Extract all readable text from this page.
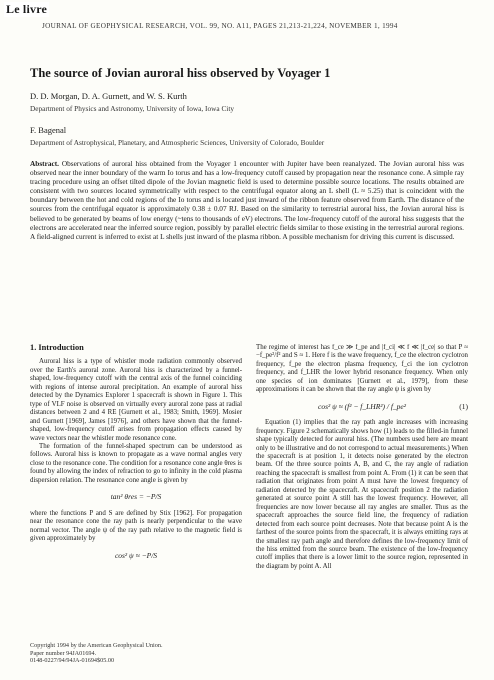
Le livre
JOURNAL OF GEOPHYSICAL RESEARCH, VOL. 99, NO. A11, PAGES 21,213-21,224, NOVEMBER 1, 1994
The source of Jovian auroral hiss observed by Voyager 1
D. D. Morgan, D. A. Gurnett, and W. S. Kurth
Department of Physics and Astronomy, University of Iowa, Iowa City
F. Bagenal
Department of Astrophysical, Planetary, and Atmospheric Sciences, University of Colorado, Boulder
Abstract. Observations of auroral hiss obtained from the Voyager 1 encounter with Jupiter have been reanalyzed. The Jovian auroral hiss was observed near the inner boundary of the warm Io torus and has a low-frequency cutoff caused by propagation near the resonance cone. A simple ray tracing procedure using an offset tilted dipole of the Jovian magnetic field is used to determine possible source locations. The results obtained are consistent with two sources located symmetrically with respect to the centrifugal equator along an L shell (L ≈ 5.25) that is coincident with the boundary between the hot and cold regions of the Io torus and is located just inward of the ribbon feature observed from Earth. The distance of the sources from the centrifugal equator is approximately 0.38 ± 0.07 RJ. Based on the similarity to terrestrial auroral hiss, the Jovian auroral hiss is believed to be generated by beams of low energy (~tens to thousands of eV) electrons. The low-frequency cutoff of the auroral hiss suggests that the electrons are accelerated near the inferred source region, possibly by parallel electric fields similar to those existing in the terrestrial auroral regions. A field-aligned current is inferred to exist at L shells just inward of the plasma ribbon. A possible mechanism for driving this current is discussed.
1. Introduction

Auroral hiss is a type of whistler mode radiation commonly observed over the Earth's auroral zone. Auroral hiss is characterized by a funnel-shaped, low-frequency cutoff with the central axis of the funnel coinciding with regions of intense auroral precipitation. An example of auroral hiss detected by the Dynamics Explorer 1 spacecraft is shown in Figure 1. This type of VLF noise is observed on virtually every auroral zone pass at radial distances between 2 and 4 RE [Gurnett et al., 1983; Smith, 1969]. Mosier and Gurnett [1969], James [1976], and others have shown that the funnel-shaped, low-frequency cutoff arises from propagation effects caused by wave vectors near the whistler mode resonance cone.

The formation of the funnel-shaped spectrum can be understood as follows. Auroral hiss is known to propagate as a wave normal angles very close to the resonance cone. The condition for a resonance cone angle θres is found by allowing the index of refraction to go to infinity in the cold plasma dispersion relation. The resonance cone angle is given by

tan² θres = −P/S

where the functions P and S are defined by Stix [1962]. For propagation near the resonance cone the ray path is nearly perpendicular to the wave normal vector. The angle ψ of the ray path relative to the magnetic field is given approximately by

cos² ψ ≈ −P/S

The regime of interest has f_ce ≫ f_pe and |f_ci| ≪ f ≪ |f_ce| so that P ≈ −f_pe²/f² and S ≈ 1. Here f is the wave frequency, f_ce the electron cyclotron frequency, f_pe the electron plasma frequency, f_ci the ion cyclotron frequency, and f_LHR the lower hybrid resonance frequency. When only one species of ion dominates [Gurnett et al., 1979], from these approximations it can be shown that the ray angle ψ is given by

cos² ψ ≈ (f² − f_LHR²) / f_pe²	(1)

Equation (1) implies that the ray path angle increases with increasing frequency. Figure 2 schematically shows how (1) leads to the filled-in funnel shape typically detected for auroral hiss. (The numbers used here are meant only to be illustrative and do not correspond to actual measurements.) When the spacecraft is at position 1, it detects noise generated by the electron beam. Of the three source points A, B, and C, the ray angle of radiation reaching the spacecraft is smallest from point A. From (1) it can be seen that radiation that originates from point A must have the lowest frequency of radiation detected by the spacecraft. At spacecraft position 2 the radiation generated at source point A still has the lowest frequency. However, all frequencies are now lower because all ray angles are smaller. Thus as the spacecraft approaches the source field line, the frequency of radiation detected from each source point decreases. Note that because point A is the farthest of the source points from the spacecraft, it is always emitting rays at the smallest ray path angle and therefore defines the low-frequency limit of the hiss emitted from the source beam. The existence of the low-frequency cutoff implies that there is a lower limit to the source region, represented in the diagram by point A. All

Copyright 1994 by the American Geophysical Union.
Paper number 94JA01694.
0148-0227/94/94JA-01694$05.00
